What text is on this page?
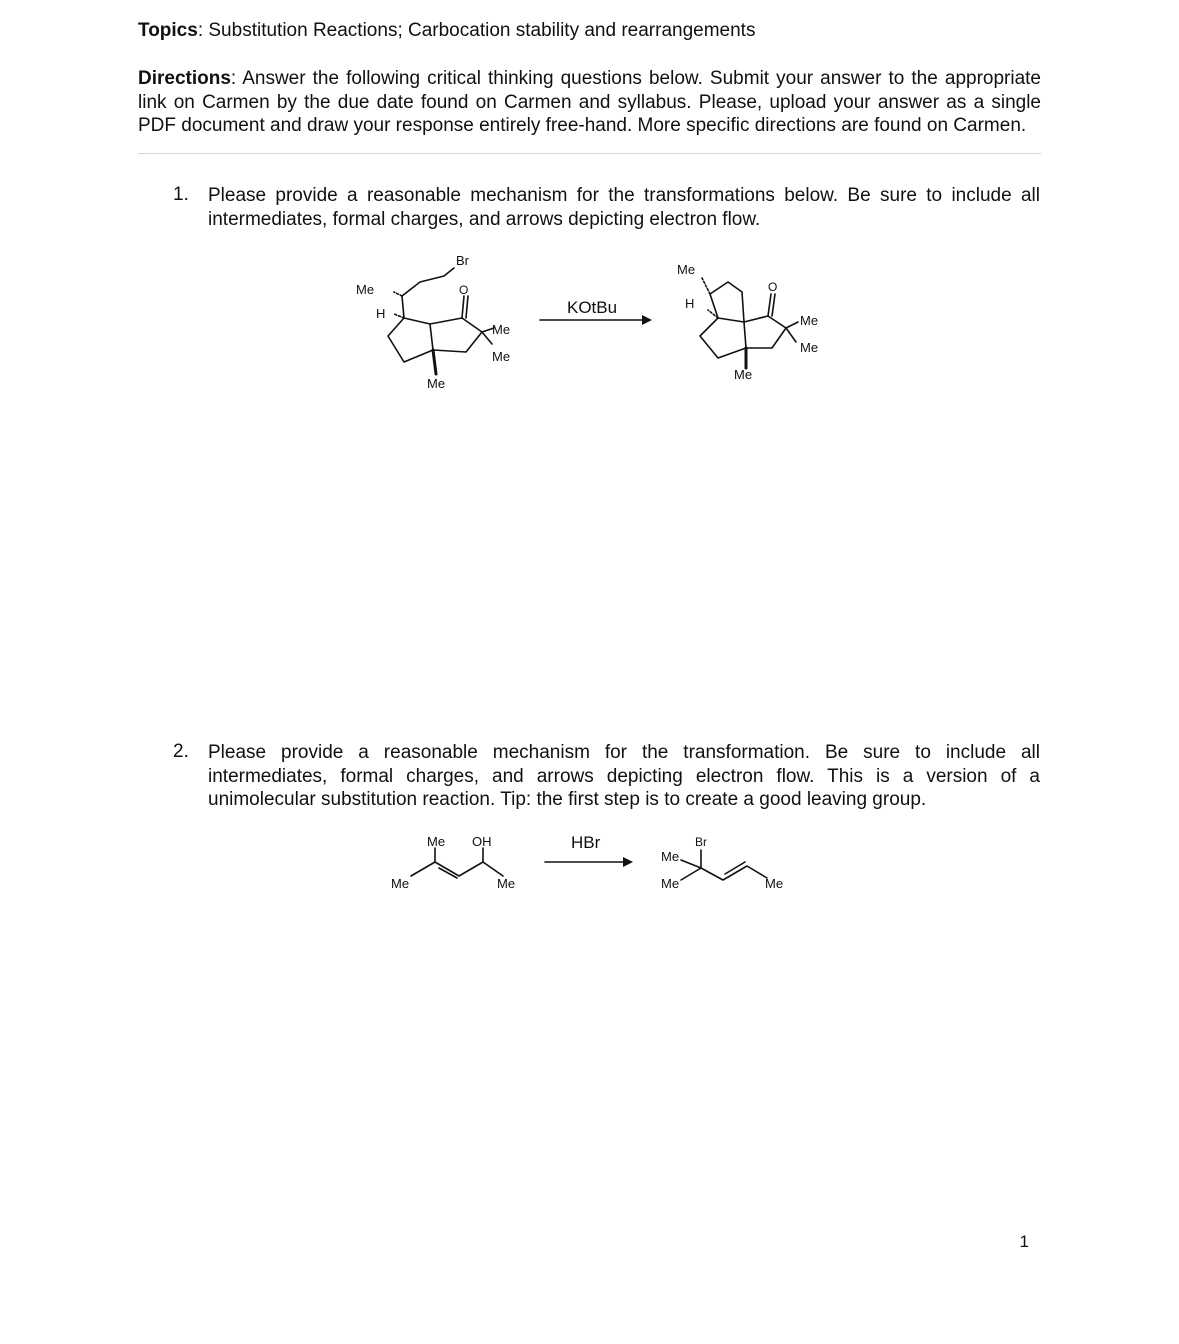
Topics: Substitution Reactions; Carbocation stability and rearrangements
Directions: Answer the following critical thinking questions below. Submit your answer to the appropriate link on Carmen by the due date found on Carmen and syllabus. Please, upload your answer as a single PDF document and draw your response entirely free-hand. More specific directions are found on Carmen.
1. Please provide a reasonable mechanism for the transformations below. Be sure to include all intermediates, formal charges, and arrows depicting electron flow.
Br
Me
H
O
Me
Me
Me
KOtBu
Me
H
O
Me
Me
Me
2. Please provide a reasonable mechanism for the transformation. Be sure to include all intermediates, formal charges, and arrows depicting electron flow. This is a version of a unimolecular substitution reaction. Tip: the first step is to create a good leaving group.
Me OH
Me	Me
HBr	Br
Me
Me	Me
1
